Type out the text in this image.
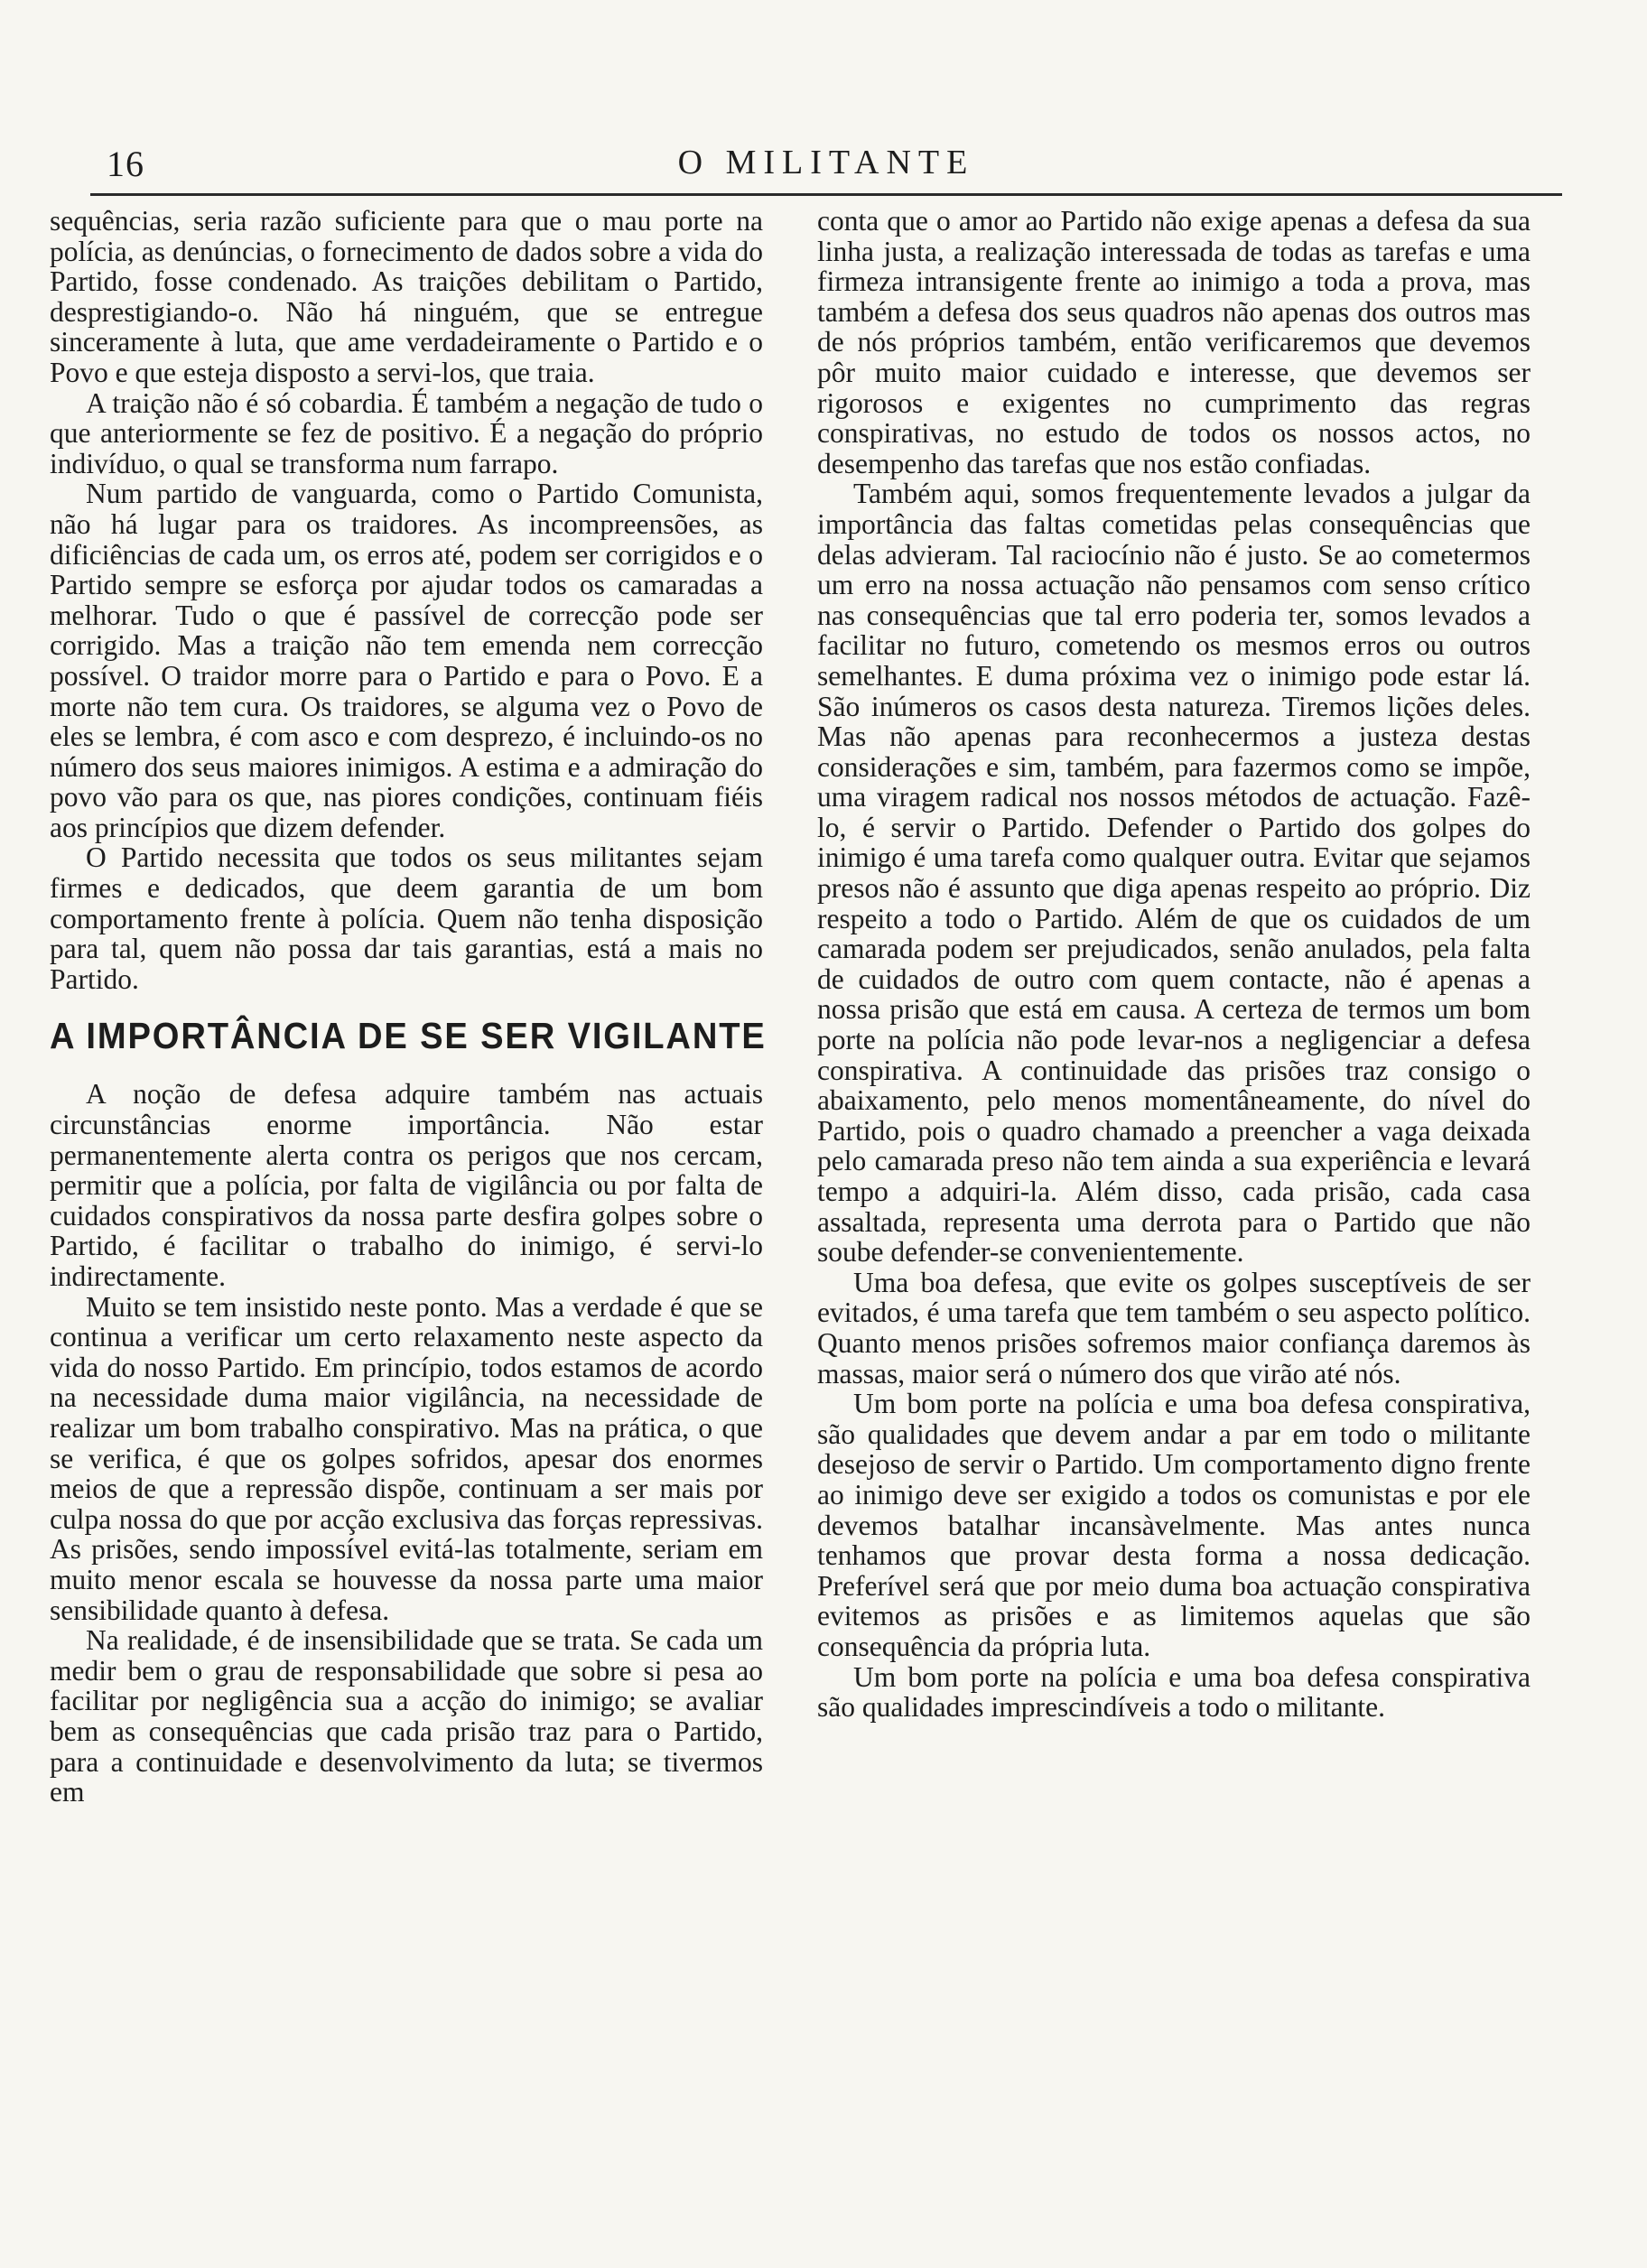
16	O MILITANTE

sequências, seria razão suficiente para que o mau porte na polícia, as denúncias, o fornecimento de dados sobre a vida do Partido, fosse condenado. As traições debilitam o Partido, desprestigiando-o. Não há ninguém, que se entregue sinceramente à luta, que ame verdadeiramente o Partido e o Povo e que esteja disposto a servi-los, que traia.

A traição não é só cobardia. É também a negação de tudo o que anteriormente se fez de positivo. É a negação do próprio indivíduo, o qual se transforma num farrapo.

Num partido de vanguarda, como o Partido Comunista, não há lugar para os traidores. As incompreensões, as dificiências de cada um, os erros até, podem ser corrigidos e o Partido sempre se esforça por ajudar todos os camaradas a melhorar. Tudo o que é passível de correcção pode ser corrigido. Mas a traição não tem emenda nem correcção possível. O traidor morre para o Partido e para o Povo. E a morte não tem cura. Os traidores, se alguma vez o Povo de eles se lembra, é com asco e com desprezo, é incluindo-os no número dos seus maiores inimigos. A estima e a admiração do povo vão para os que, nas piores condições, continuam fiéis aos princípios que dizem defender.

O Partido necessita que todos os seus militantes sejam firmes e dedicados, que deem garantia de um bom comportamento frente à polícia. Quem não tenha disposição para tal, quem não possa dar tais garantias, está a mais no Partido.

A IMPORTÂNCIA DE SE SER VIGILANTE

A noção de defesa adquire também nas actuais circunstâncias enorme importância. Não estar permanentemente alerta contra os perigos que nos cercam, permitir que a polícia, por falta de vigilância ou por falta de cuidados conspirativos da nossa parte desfira golpes sobre o Partido, é facilitar o trabalho do inimigo, é servi-lo indirectamente.

Muito se tem insistido neste ponto. Mas a verdade é que se continua a verificar um certo relaxamento neste aspecto da vida do nosso Partido. Em princípio, todos estamos de acordo na necessidade duma maior vigilância, na necessidade de realizar um bom trabalho conspirativo. Mas na prática, o que se verifica, é que os golpes sofridos, apesar dos enormes meios de que a repressão dispõe, continuam a ser mais por culpa nossa do que por acção exclusiva das forças repressivas. As prisões, sendo impossível evitá-las totalmente, seriam em muito menor escala se houvesse da nossa parte uma maior sensibilidade quanto à defesa.

Na realidade, é de insensibilidade que se trata. Se cada um medir bem o grau de responsabilidade que sobre si pesa ao facilitar por negligência sua a acção do inimigo; se avaliar bem as consequências que cada prisão traz para o Partido, para a continuidade e desenvolvimento da luta; se tivermos em

conta que o amor ao Partido não exige apenas a defesa da sua linha justa, a realização interessada de todas as tarefas e uma firmeza intransigente frente ao inimigo a toda a prova, mas também a defesa dos seus quadros não apenas dos outros mas de nós próprios também, então verificaremos que devemos pôr muito maior cuidado e interesse, que devemos ser rigorosos e exigentes no cumprimento das regras conspirativas, no estudo de todos os nossos actos, no desempenho das tarefas que nos estão confiadas.

Também aqui, somos frequentemente levados a julgar da importância das faltas cometidas pelas consequências que delas advieram. Tal raciocínio não é justo. Se ao cometermos um erro na nossa actuação não pensamos com senso crítico nas consequências que tal erro poderia ter, somos levados a facilitar no futuro, cometendo os mesmos erros ou outros semelhantes. E duma próxima vez o inimigo pode estar lá. São inúmeros os casos desta natureza. Tiremos lições deles. Mas não apenas para reconhecermos a justeza destas considerações e sim, também, para fazermos como se impõe, uma viragem radical nos nossos métodos de actuação. Fazê-lo, é servir o Partido. Defender o Partido dos golpes do inimigo é uma tarefa como qualquer outra. Evitar que sejamos presos não é assunto que diga apenas respeito ao próprio. Diz respeito a todo o Partido. Além de que os cuidados de um camarada podem ser prejudicados, senão anulados, pela falta de cuidados de outro com quem contacte, não é apenas a nossa prisão que está em causa. A certeza de termos um bom porte na polícia não pode levar-nos a negligenciar a defesa conspirativa. A continuidade das prisões traz consigo o abaixamento, pelo menos momentâneamente, do nível do Partido, pois o quadro chamado a preencher a vaga deixada pelo camarada preso não tem ainda a sua experiência e levará tempo a adquiri-la. Além disso, cada prisão, cada casa assaltada, representa uma derrota para o Partido que não soube defender-se convenientemente.

Uma boa defesa, que evite os golpes susceptíveis de ser evitados, é uma tarefa que tem também o seu aspecto político. Quanto menos prisões sofremos maior confiança daremos às massas, maior será o número dos que virão até nós.

Um bom porte na polícia e uma boa defesa conspirativa, são qualidades que devem andar a par em todo o militante desejoso de servir o Partido. Um comportamento digno frente ao inimigo deve ser exigido a todos os comunistas e por ele devemos batalhar incansàvelmente. Mas antes nunca tenhamos que provar desta forma a nossa dedicação. Preferível será que por meio duma boa actuação conspirativa evitemos as prisões e as limitemos aquelas que são consequência da própria luta.

Um bom porte na polícia e uma boa defesa conspirativa são qualidades imprescindíveis a todo o militante.
